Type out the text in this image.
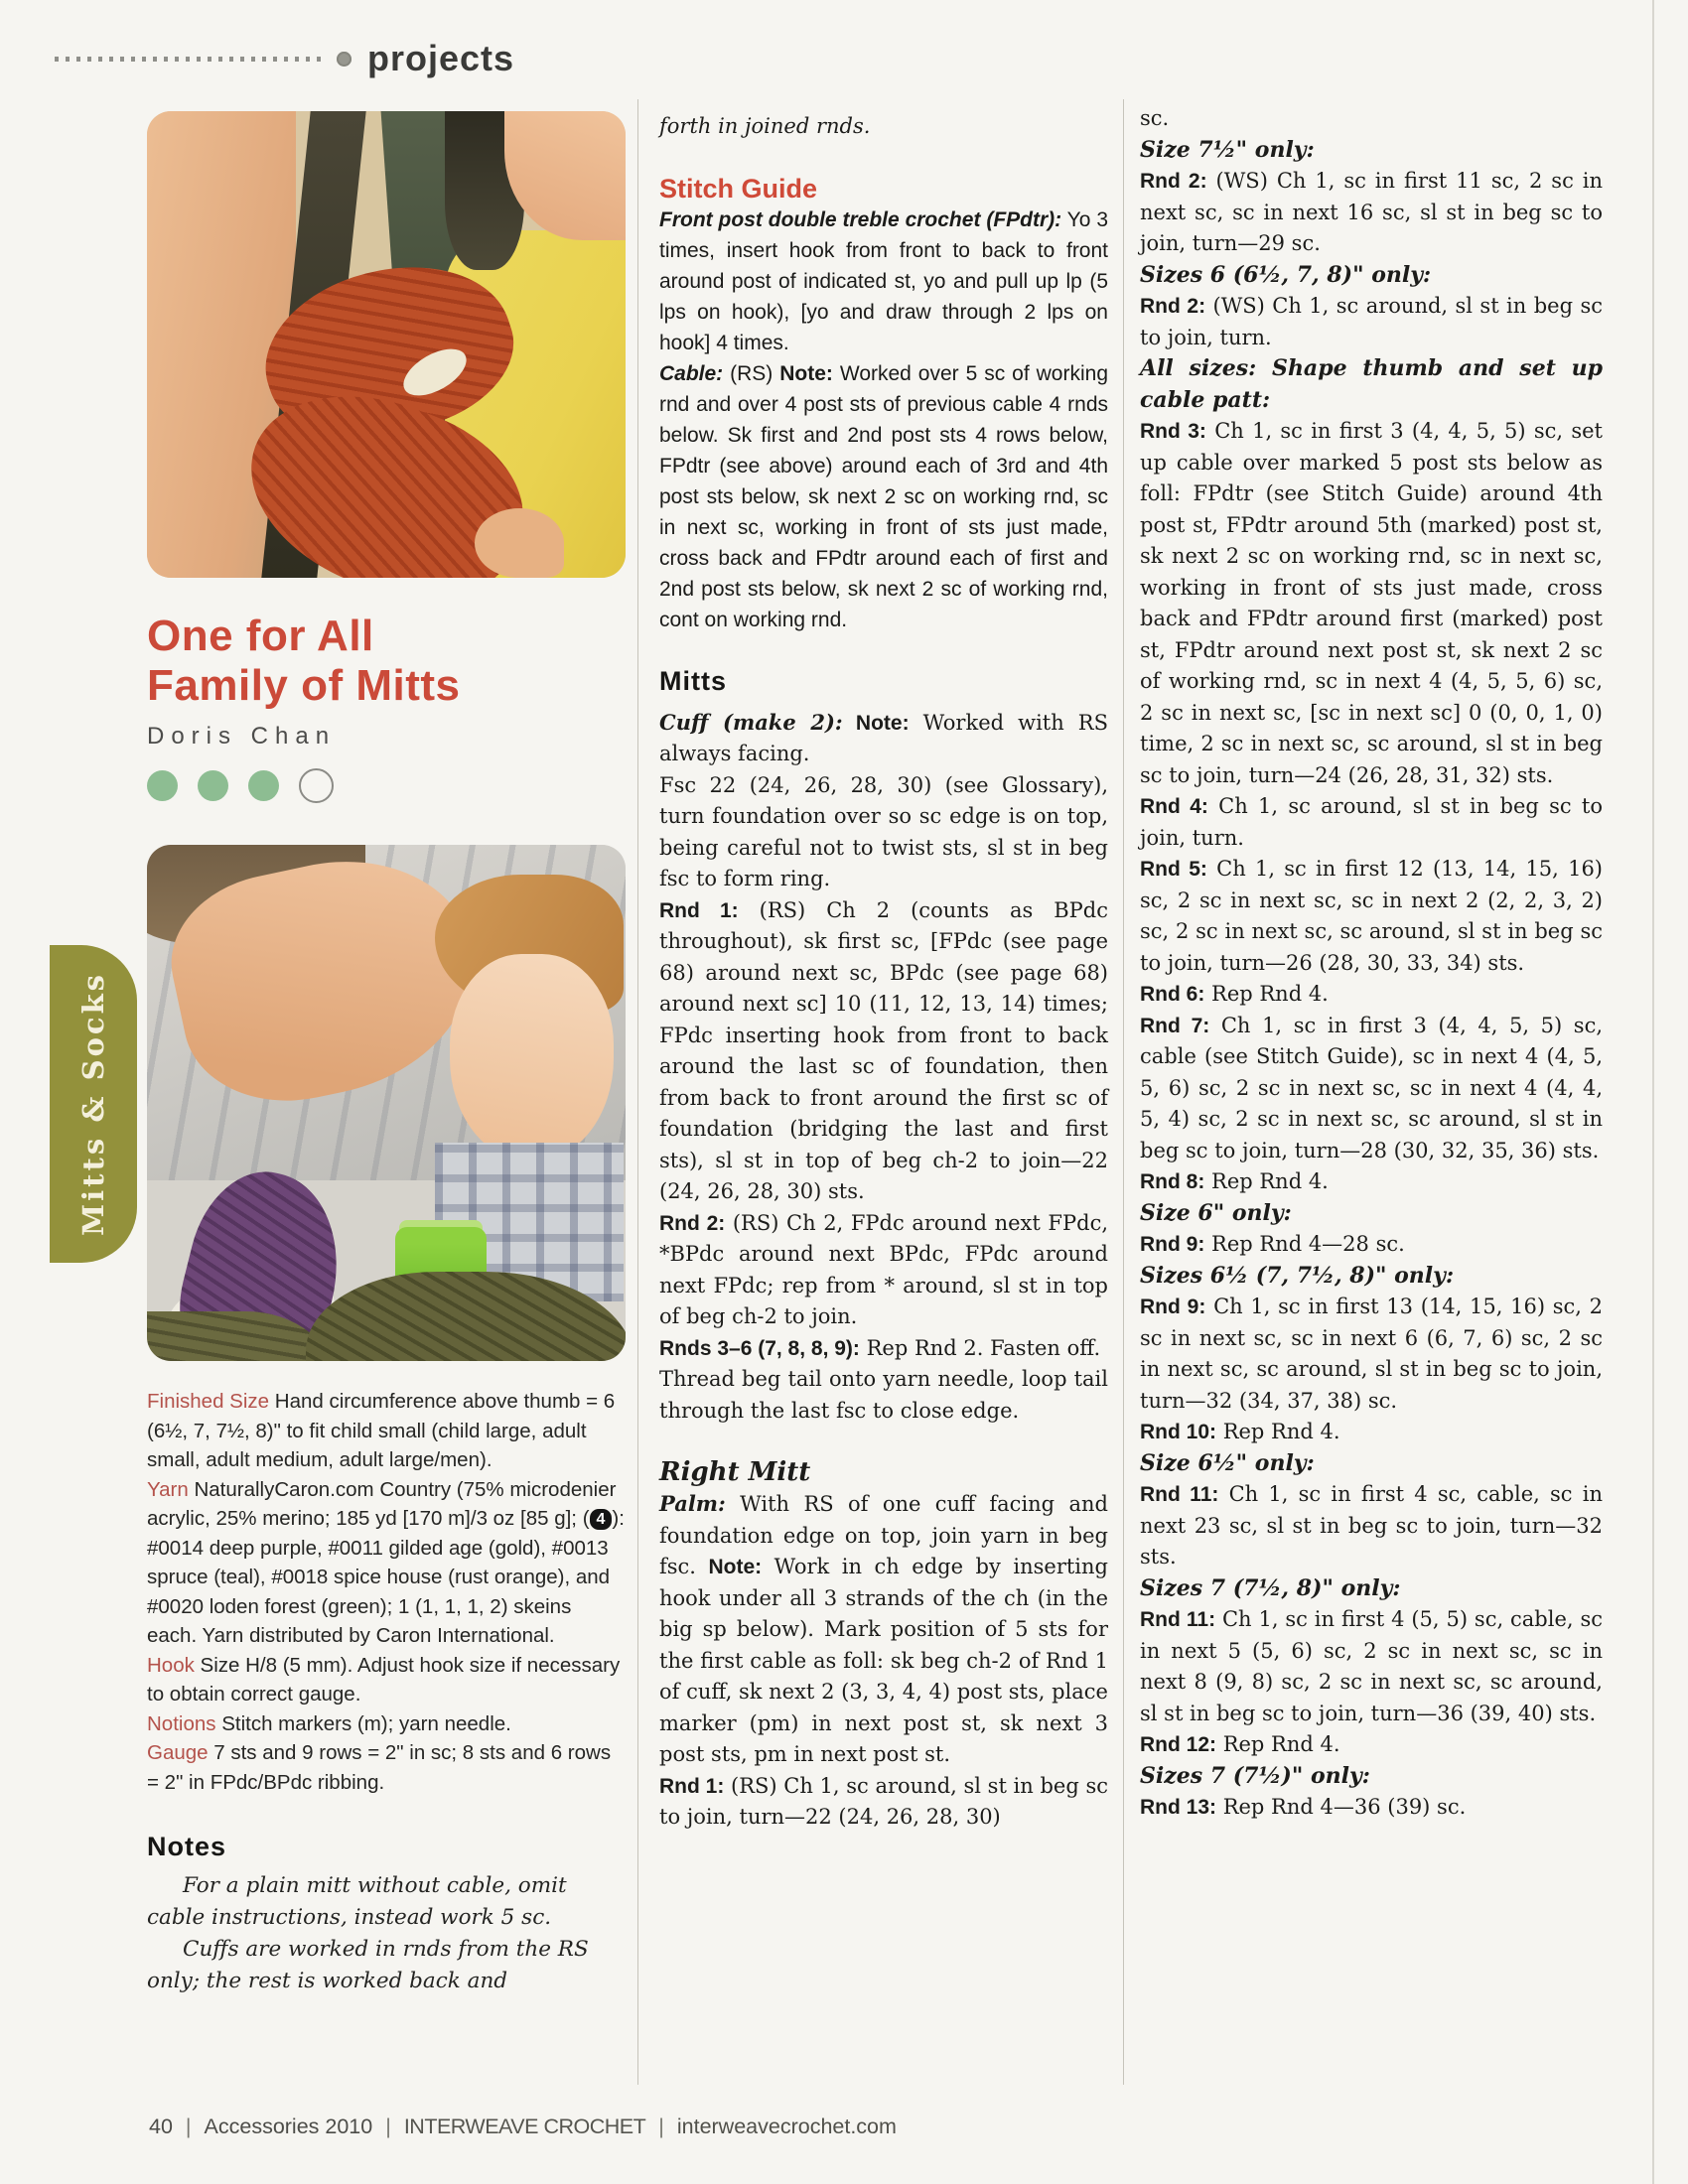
projects
Mitts & Socks
One for All
Family of Mitts
Doris Chan

Finished Size Hand circumference above thumb = 6 (6½, 7, 7½, 8)" to fit child small (child large, adult small, adult medium, adult large/men).

Yarn NaturallyCaron.com Country (75% microdenier acrylic, 25% merino; 185 yd [170 m]/3 oz [85 g]; ( 4 ): #0014 deep purple, #0011 gilded age (gold), #0013 spruce (teal), #0018 spice house (rust orange), and #0020 loden forest (green); 1 (1, 1, 1, 2) skeins each. Yarn distributed by Caron International.

Hook Size H/8 (5 mm). Adjust hook size if necessary to obtain correct gauge.

Notions Stitch markers (m); yarn needle.

Gauge 7 sts and 9 rows = 2" in sc; 8 sts and 6 rows = 2" in FPdc/BPdc ribbing.

Notes

For a plain mitt without cable, omit cable instructions, instead work 5 sc.

Cuffs are worked in rnds from the RS only; the rest is worked back and

forth in joined rnds.

Stitch Guide

Front post double treble crochet (FPdtr): Yo 3 times, insert hook from front to back to front around post of indicated st, yo and pull up lp (5 lps on hook), [yo and draw through 2 lps on hook] 4 times.

Cable: (RS) Note: Worked over 5 sc of working rnd and over 4 post sts of previous cable 4 rnds below. Sk first and 2nd post sts 4 rows below, FPdtr (see above) around each of 3rd and 4th post sts below, sk next 2 sc on working rnd, sc in next sc, working in front of sts just made, cross back and FPdtr around each of first and 2nd post sts below, sk next 2 sc of working rnd, cont on working rnd.

Mitts

Cuff (make 2): Note: Worked with RS always facing.

Fsc 22 (24, 26, 28, 30) (see Glossary), turn foundation over so sc edge is on top, being careful not to twist sts, sl st in beg fsc to form ring.

Rnd 1: (RS) Ch 2 (counts as BPdc throughout), sk first sc, [FPdc (see page 68) around next sc, BPdc (see page 68) around next sc] 10 (11, 12, 13, 14) times; FPdc inserting hook from front to back around the last sc of foundation, then from back to front around the first sc of foundation (bridging the last and first sts), sl st in top of beg ch-2 to join—22 (24, 26, 28, 30) sts.

Rnd 2: (RS) Ch 2, FPdc around next FPdc, *BPdc around next BPdc, FPdc around next FPdc; rep from * around, sl st in top of beg ch-2 to join.

Rnds 3–6 (7, 8, 8, 9): Rep Rnd 2. Fasten off.

Thread beg tail onto yarn needle, loop tail through the last fsc to close edge.

Right Mitt

Palm: With RS of one cuff facing and foundation edge on top, join yarn in beg fsc. Note: Work in ch edge by inserting hook under all 3 strands of the ch (in the big sp below). Mark position of 5 sts for the first cable as foll: sk beg ch-2 of Rnd 1 of cuff, sk next 2 (3, 3, 4, 4) post sts, place marker (pm) in next post st, sk next 3 post sts, pm in next post st.

Rnd 1: (RS) Ch 1, sc around, sl st in beg sc to join, turn—22 (24, 26, 28, 30)

sc.

Size 7½" only:

Rnd 2: (WS) Ch 1, sc in first 11 sc, 2 sc in next sc, sc in next 16 sc, sl st in beg sc to join, turn—29 sc.

Sizes 6 (6½, 7, 8)" only:

Rnd 2: (WS) Ch 1, sc around, sl st in beg sc to join, turn.

All sizes: Shape thumb and set up cable patt:

Rnd 3: Ch 1, sc in first 3 (4, 4, 5, 5) sc, set up cable over marked 5 post sts below as foll: FPdtr (see Stitch Guide) around 4th post st, FPdtr around 5th (marked) post st, sk next 2 sc on working rnd, sc in next sc, working in front of sts just made, cross back and FPdtr around first (marked) post st, FPdtr around next post st, sk next 2 sc of working rnd, sc in next 4 (4, 5, 5, 6) sc, 2 sc in next sc, [sc in next sc] 0 (0, 0, 1, 0) time, 2 sc in next sc, sc around, sl st in beg sc to join, turn—24 (26, 28, 31, 32) sts.

Rnd 4: Ch 1, sc around, sl st in beg sc to join, turn.

Rnd 5: Ch 1, sc in first 12 (13, 14, 15, 16) sc, 2 sc in next sc, sc in next 2 (2, 2, 3, 2) sc, 2 sc in next sc, sc around, sl st in beg sc to join, turn—26 (28, 30, 33, 34) sts.

Rnd 6: Rep Rnd 4.

Rnd 7: Ch 1, sc in first 3 (4, 4, 5, 5) sc, cable (see Stitch Guide), sc in next 4 (4, 5, 5, 6) sc, 2 sc in next sc, sc in next 4 (4, 4, 5, 4) sc, 2 sc in next sc, sc around, sl st in beg sc to join, turn—28 (30, 32, 35, 36) sts.

Rnd 8: Rep Rnd 4.

Size 6" only:

Rnd 9: Rep Rnd 4—28 sc.

Sizes 6½ (7, 7½, 8)" only:

Rnd 9: Ch 1, sc in first 13 (14, 15, 16) sc, 2 sc in next sc, sc in next 6 (6, 7, 6) sc, 2 sc in next sc, sc around, sl st in beg sc to join, turn—32 (34, 37, 38) sc.

Rnd 10: Rep Rnd 4.

Size 6½" only:

Rnd 11: Ch 1, sc in first 4 sc, cable, sc in next 23 sc, sl st in beg sc to join, turn—32 sts.

Sizes 7 (7½, 8)" only:

Rnd 11: Ch 1, sc in first 4 (5, 5) sc, cable, sc in next 5 (5, 6) sc, 2 sc in next sc, sc in next 8 (9, 8) sc, 2 sc in next sc, sc around, sl st in beg sc to join, turn—36 (39, 40) sts.

Rnd 12: Rep Rnd 4.

Sizes 7 (7½)" only:

Rnd 13: Rep Rnd 4—36 (39) sc.

40 | Accessories 2010 | INTERWEAVE CROCHET | interweavecrochet.com
